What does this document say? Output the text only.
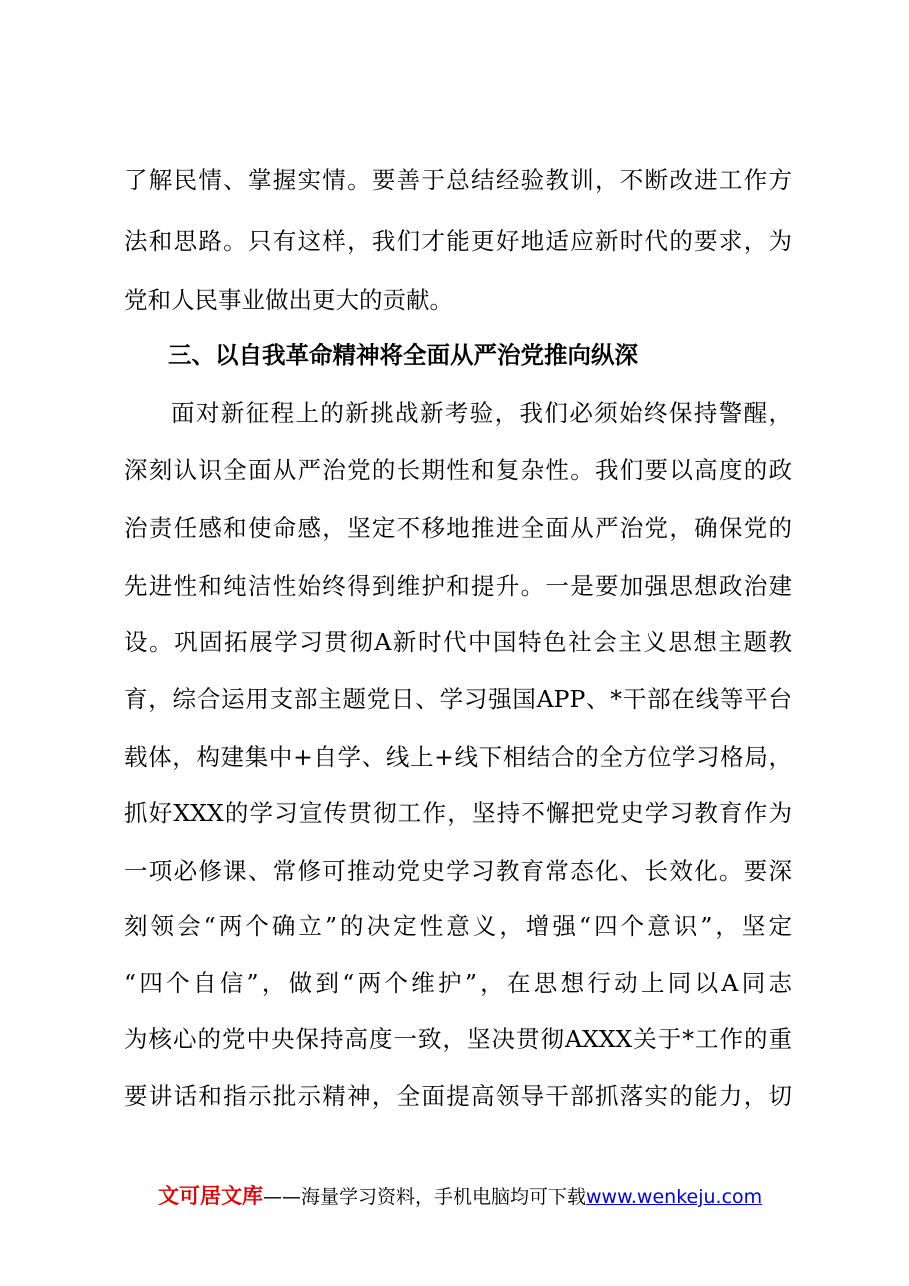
了解民情、掌握实情。要善于总结经验教训，不断改进工作方
法和思路。只有这样，我们才能更好地适应新时代的要求，为
党和人民事业做出更大的贡献。
三、以自我革命精神将全面从严治党推向纵深
面对新征程上的新挑战新考验，我们必须始终保持警醒，
深刻认识全面从严治党的长期性和复杂性。我们要以高度的政
治责任感和使命感，坚定不移地推进全面从严治党，确保党的
先进性和纯洁性始终得到维护和提升。一是要加强思想政治建
设。巩固拓展学习贯彻A新时代中国特色社会主义思想主题教
育，综合运用支部主题党日、学习强国APP、*干部在线等平台
载体，构建集中+自学、线上+线下相结合的全方位学习格局，
抓好XXX的学习宣传贯彻工作，坚持不懈把党史学习教育作为
一项必修课、常修可推动党史学习教育常态化、长效化。要深
刻领会“两个确立”的决定性意义，增强“四个意识”，坚定
“四个自信”，做到“两个维护”，在思想行动上同以A同志
为核心的党中央保持高度一致，坚决贯彻AXXX关于*工作的重
要讲话和指示批示精神，全面提高领导干部抓落实的能力，切
文可居文库——海量学习资料，手机电脑均可下载www.wenkeju.com
